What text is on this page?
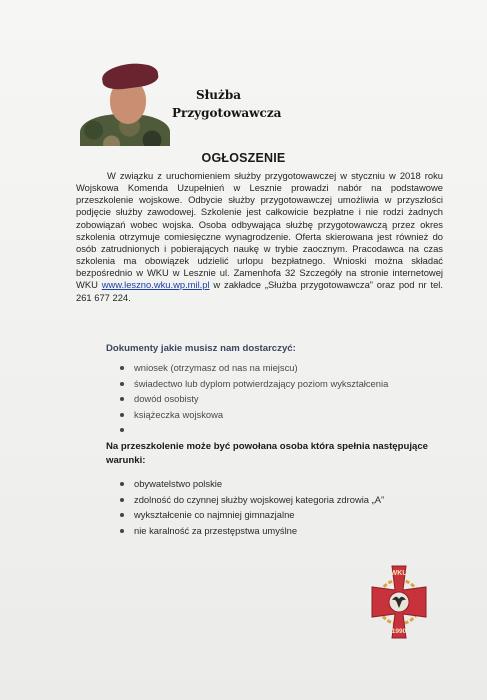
Służba
Przygotowawcza
OGŁOSZENIE
W związku z uruchomieniem służby przygotowawczej w styczniu w 2018 roku Wojskowa Komenda Uzupełnień w Lesznie prowadzi nabór na podstawowe przeszkolenie wojskowe. Odbycie służby przygotowawczej umożliwia w przyszłości podjęcie służby zawodowej. Szkolenie jest całkowicie bezpłatne i nie rodzi żadnych zobowiązań wobec wojska. Osoba odbywająca służbę przygotowawczą przez okres szkolenia otrzymuje comiesięczne wynagrodzenie. Oferta skierowana jest również do osób zatrudnionych i pobierających naukę w trybie zaocznym. Pracodawca na czas szkolenia ma obowiązek udzielić urlopu bezpłatnego. Wnioski można składać bezpośrednio w WKU w Lesznie ul. Zamenhofa 32 Szczegóły na stronie internetowej WKU www.leszno.wku.wp.mil.pl w zakładce „Służba przygotowawcza” oraz pod nr tel. 261 677 224.
Dokumenty jakie musisz nam dostarczyć:
wniosek (otrzymasz od nas na miejscu)
świadectwo lub dyplom potwierdzający poziom wykształcenia
dowód osobisty
książeczka wojskowa
Na przeszkolenie może być powołana osoba która spełnia następujące warunki:
obywatelstwo polskie
zdolność do czynnej służby wojskowej kategoria zdrowia „A”
wykształcenie co najmniej gimnazjalne
nie karalność za przestępstwa umyślne
WKU
1990
